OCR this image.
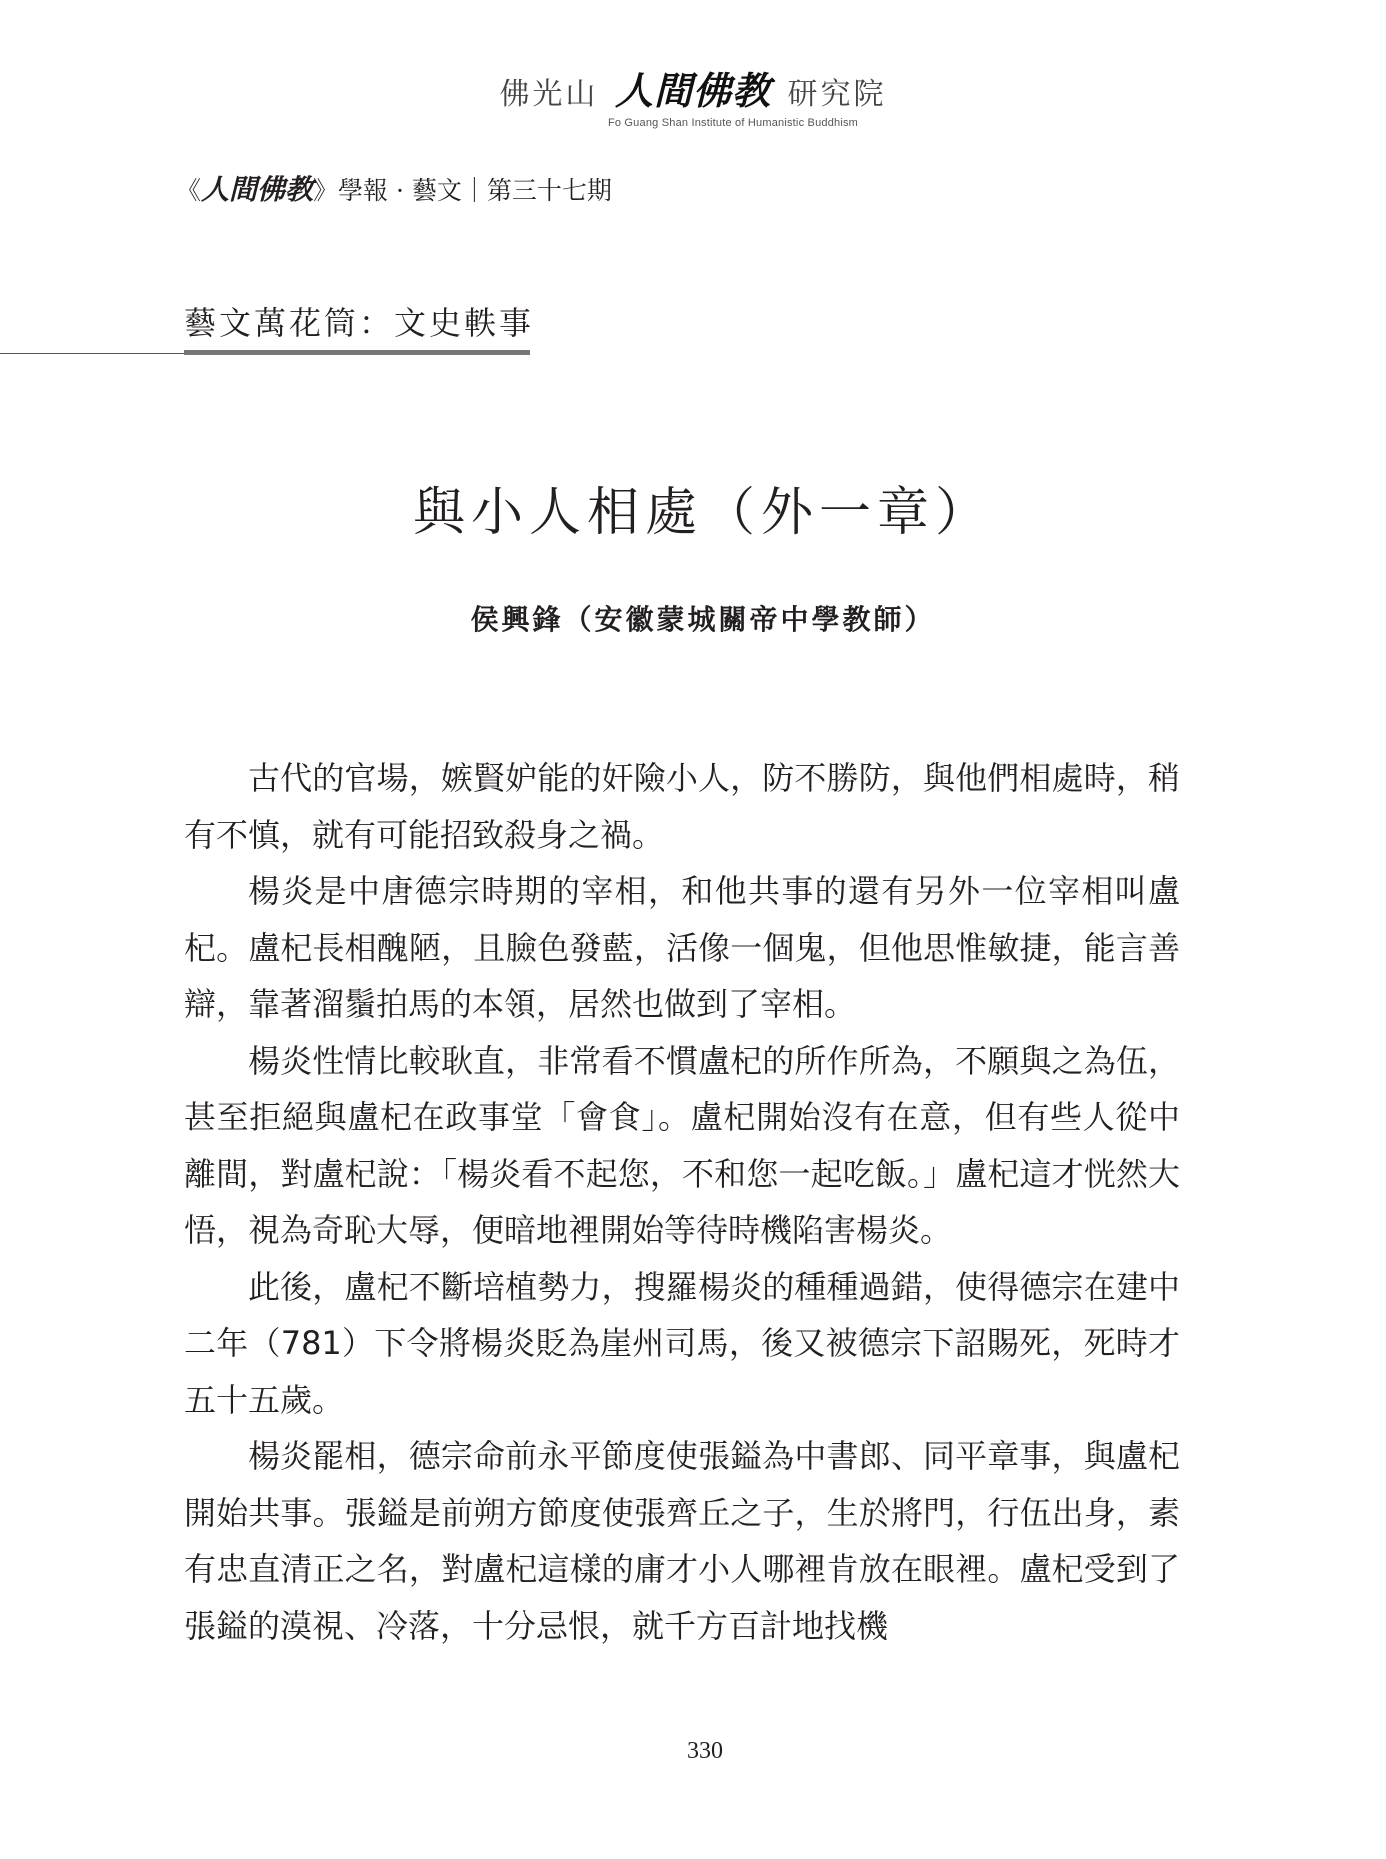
佛光山 人間佛教 研究院
Fo Guang Shan Institute of Humanistic Buddhism
《人間佛教》學報 · 藝文｜第三十七期
藝文萬花筒：文史軼事
與小人相處（外一章）
侯興鋒（安徽蒙城關帝中學教師）

古代的官場，嫉賢妒能的奸險小人，防不勝防，與他們相處時，稍有不慎，就有可能招致殺身之禍。

楊炎是中唐德宗時期的宰相，和他共事的還有另外一位宰相叫盧杞。盧杞長相醜陋，且臉色發藍，活像一個鬼，但他思惟敏捷，能言善辯，靠著溜鬚拍馬的本領，居然也做到了宰相。

楊炎性情比較耿直，非常看不慣盧杞的所作所為，不願與之為伍，甚至拒絕與盧杞在政事堂「會食」。盧杞開始沒有在意，但有些人從中離間，對盧杞說：「楊炎看不起您，不和您一起吃飯。」盧杞這才恍然大悟，視為奇恥大辱，便暗地裡開始等待時機陷害楊炎。

此後，盧杞不斷培植勢力，搜羅楊炎的種種過錯，使得德宗在建中二年（781）下令將楊炎貶為崖州司馬，後又被德宗下詔賜死，死時才五十五歲。

楊炎罷相，德宗命前永平節度使張鎰為中書郎、同平章事，與盧杞開始共事。張鎰是前朔方節度使張齊丘之子，生於將門，行伍出身，素有忠直清正之名，對盧杞這樣的庸才小人哪裡肯放在眼裡。盧杞受到了張鎰的漠視、冷落，十分忌恨，就千方百計地找機

330
